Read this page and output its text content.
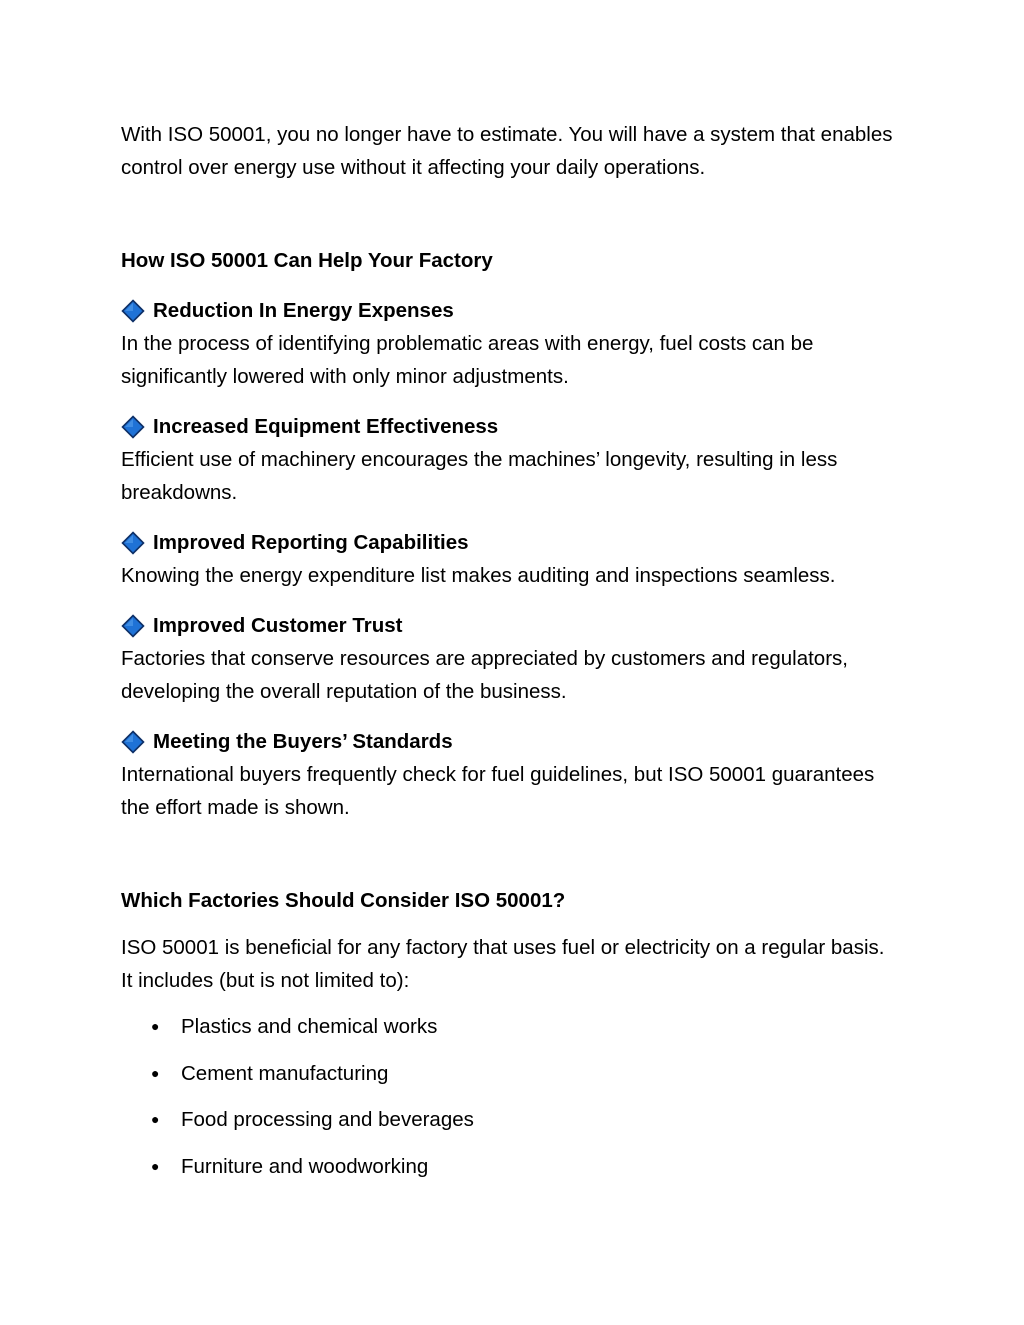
With ISO 50001, you no longer have to estimate. You will have a system that enables control over energy use without it affecting your daily operations.

How ISO 50001 Can Help Your Factory

Reduction In Energy Expenses

In the process of identifying problematic areas with energy, fuel costs can be significantly lowered with only minor adjustments.

Increased Equipment Effectiveness

Efficient use of machinery encourages the machines’ longevity, resulting in less breakdowns.

Improved Reporting Capabilities

Knowing the energy expenditure list makes auditing and inspections seamless.

Improved Customer Trust

Factories that conserve resources are appreciated by customers and regulators, developing the overall reputation of the business.

Meeting the Buyers’ Standards

International buyers frequently check for fuel guidelines, but ISO 50001 guarantees the effort made is shown.

Which Factories Should Consider ISO 50001?

ISO 50001 is beneficial for any factory that uses fuel or electricity on a regular basis. It includes (but is not limited to):

● Plastics and chemical works
● Cement manufacturing
● Food processing and beverages
● Furniture and woodworking
